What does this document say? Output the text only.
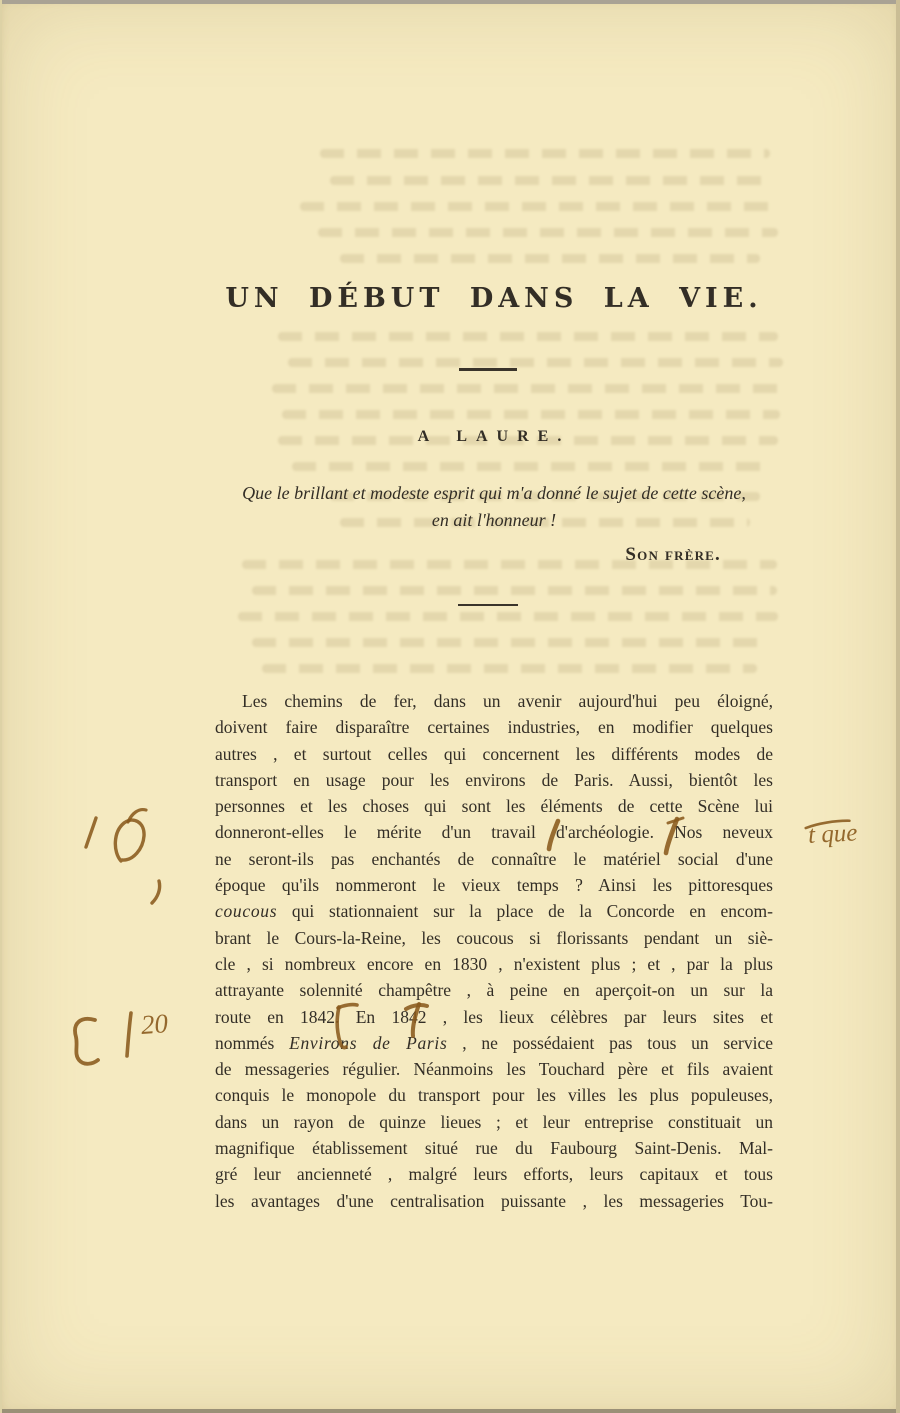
UN DÉBUT DANS LA VIE.
A LAURE.
Que le brillant et modeste esprit qui m'a donné le sujet de cette scène,
en ait l'honneur !
Son frère.
Les chemins de fer, dans un avenir aujourd'hui peu éloigné,
doivent faire disparaître certaines industries, en modifier quelques
autres , et surtout celles qui concernent les différents modes de
transport en usage pour les environs de Paris. Aussi, bientôt les
personnes et les choses qui sont les éléments de cette Scène lui
donneront-elles le mérite d'un travail d'archéologie. Nos neveux
ne seront-ils pas enchantés de connaître le matériel social d'une
époque qu'ils nommeront le vieux temps ? Ainsi les pittoresques
coucous qui stationnaient sur la place de la Concorde en encom-
brant le Cours-la-Reine, les coucous si florissants pendant un siè-
cle , si nombreux encore en 1830 , n'existent plus ; et , par la plus
attrayante solennité champêtre , à peine en aperçoit-on un sur la
route en 1842. En 1842 , les lieux célèbres par leurs sites et
nommés Environs de Paris , ne possédaient pas tous un service
de messageries régulier. Néanmoins les Touchard père et fils avaient
conquis le monopole du transport pour les villes les plus populeuses,
dans un rayon de quinze lieues ; et leur entreprise constituait un
magnifique établissement situé rue du Faubourg Saint-Denis. Mal-
gré leur ancienneté , malgré leurs efforts, leurs capitaux et tous
les avantages d'une centralisation puissante , les messageries Tou-
t que
20
